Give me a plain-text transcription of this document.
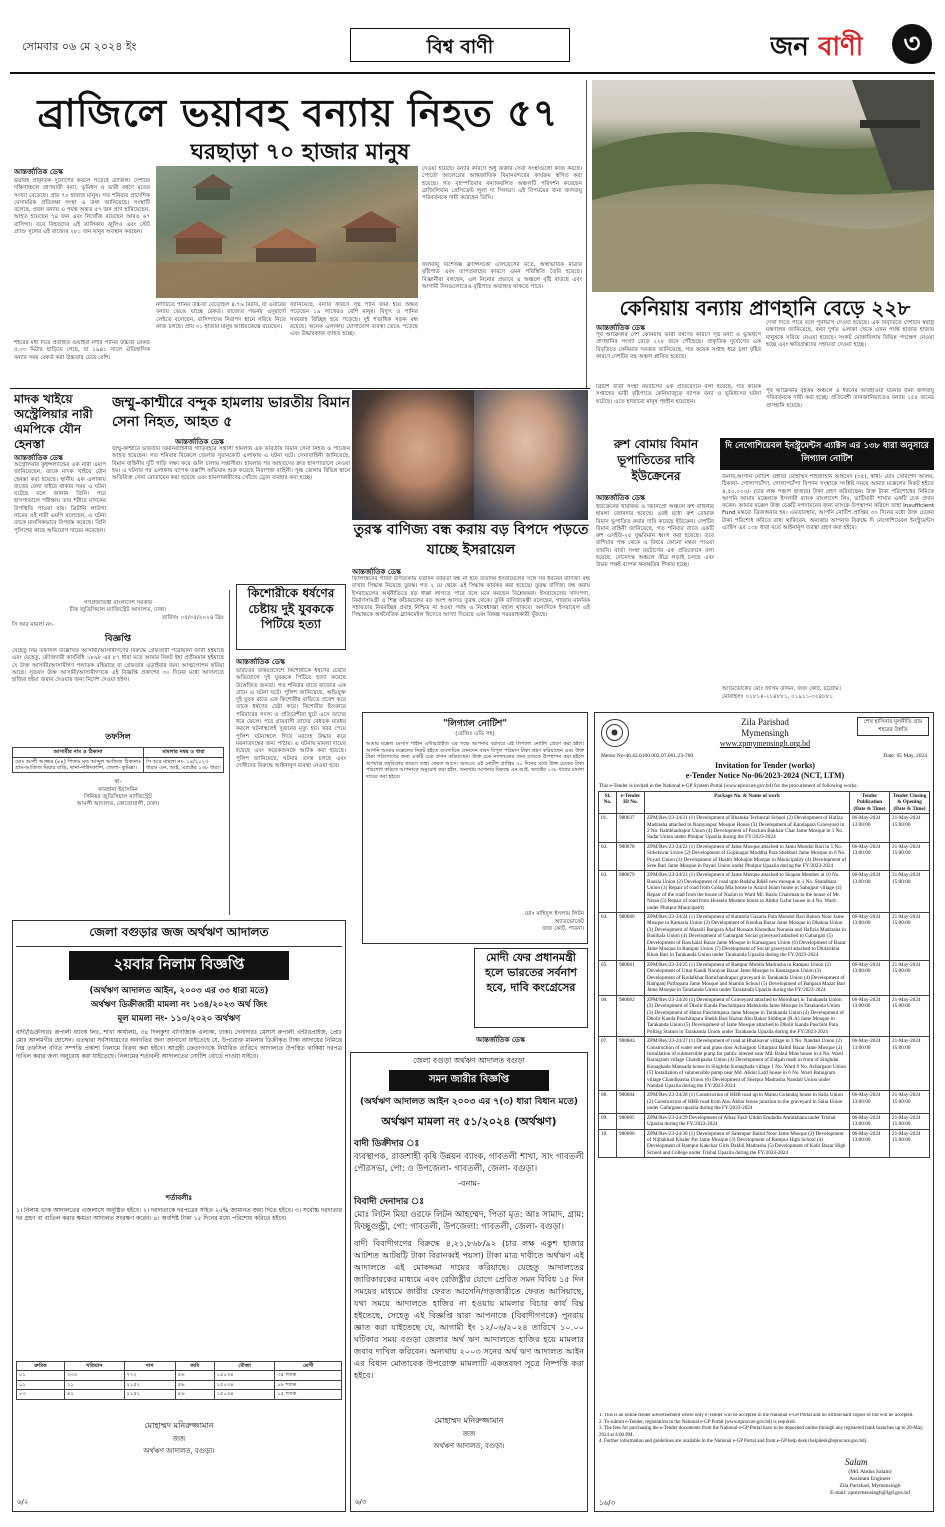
সোমবার ০৬ মে ২০২৪ ইং	বিশ্ব বাণী	জন বাণী	৩
ব্রাজিলে ভয়াবহ বন্যায় নিহত ৫৭
ঘরছাড়া ৭০ হাজার মানুষ
আন্তর্জাতিক ডেস্ক
ভয়াবহ প্রাকৃতিক দুর্যোগের কবলে পড়েছে ব্রাজিল। দেশটির দক্ষিণাঞ্চলে প্রাণঘাতী বন্যা, ভূমিধস ও ভারী বর্ষণে মৃতের সংখ্যা বেড়েছে। প্রায় ৭০ হাজার মানুষ। গত শনিবার প্রাদেশিক বেসামরিক প্রতিরক্ষা সংস্থা এ তথ্য জানিয়েছে। সংস্থাটি বলেছে, প্রবল বন্যায় এ পর্যন্ত অন্তত ৫৭ জন প্রাণ হারিয়েছেন, আহত হয়েছেন ৭৪ জন এবং নিখোঁজ রয়েছেন আরও ৬৭ বাসিন্দা। তবে নিহতদের এই তালিকায় জুলিও এবং স্টেট গ্র্যাণ্ড সুলের এই রাজ্যের ২৮১ জন মানুষ অবস্থান করছেন।
নদীটিতে পানির উচ্চতা বেড়েছিল ৪.৭৬ মিটার, যা এবারের বন্যায় ভেঙে যাচ্ছে রেকর্ড। রাজ্যের গভর্নর এদুয়ার্দো লেইতে বলেছেন, বাসিন্দাদের নিরাপদ স্থানে সরিয়ে নিতে কাজ চলছে। প্রায় ৩১ হাজার মানুষ আশ্রয়কেন্দ্রে রয়েছেন।
জানিয়েছে, বন্যার কারণে সৃষ্ট পানি জমা হয়ে অন্তত পড়েছেন ১৯ লাখেরও বেশি মানুষ। বিদ্যুৎ ও পানির সরবরাহ বিচ্ছিন্ন হয়ে পড়েছে। দুই শতাধিক সড়ক বন্ধ রয়েছে। অনেক এলাকায় যোগাযোগ ব্যবস্থা ভেঙে পড়েছে এবং উদ্ধারকাজ ব্যাহত হচ্ছে।
দেওয়া হয়েছে। বন্যার কারণে শুধু জরুরি সেবা সংস্থাগুলো কাজ করছে। পোর্তো আলেগ্রের আন্তর্জাতিক বিমানবন্দরের কার্যক্রম স্থগিত করা হয়েছে। গত বৃহস্পতিবার বন্যাকবলিত অঞ্চলটি পরিদর্শন করেছেন ব্রাজিলিয়ান প্রেসিডেন্ট লুলা দা সিলভা। এই বিপর্যয়ের জন্য জলবায়ু পরিবর্তনকে দায়ী করেছেন তিনি।
জলবায়ু বিশেষজ্ঞ ফ্রান্সিসকো এলিয়েসের মতে, অস্বাভাবিক মাত্রার বৃষ্টিপাত এবং তাপপ্রবাহের কারণে এমন পরিস্থিতি তৈরি হয়েছে। বিজ্ঞানীরা বলছেন, এল নিনোর প্রভাবে এ অঞ্চলে বৃষ্টি বাড়ছে এবং আগামী দিনগুলোতেও বৃষ্টিপাত অব্যাহত থাকতে পারে।
শহরের মধ্য দিয়ে প্রবাহিত গুয়াইবা নদীর পানির উচ্চতা রেকর্ড ৫.৩৩ মিটার ছাড়িয়ে গেছে, যা ১৯৪১ সালে ঐতিহাসিক বন্যার সময় রেকর্ড করা উচ্চতার চেয়ে বেশি।
কেনিয়ায় বন্যায় প্রাণহানি বেড়ে ২২৮
আন্তর্জাতিক ডেস্ক
পূর্ব আফ্রিকার দেশ কেনিয়ায় ভারী বর্ষণের কারণে সৃষ্ট বন্যা ও ভূমিধসে প্রাণহানির সংখ্যা বেড়ে ২২৮ জনে পৌঁছেছে। প্রাকৃতিক দুর্যোগের এক বিবৃতিতে কেনিয়ার সরকার জানিয়েছে, গত কয়েক সপ্তাহ ধরে চলা বৃষ্টির কারণে দেশটির বহু অঞ্চল প্লাবিত হয়েছে।
ব্রিটিশ বার্তা সংস্থা রয়টার্সের এক প্রতিবেদনে বলা হয়েছে, গত কয়েক সপ্তাহের ভারী বৃষ্টিপাতে কেনিয়াজুড়ে ব্যাপক বন্যা ও ভূমিধসের ঘটনা ঘটেছে। এতে হাজারো মানুষ গৃহহীন হয়েছেন।
দেখা দিতে পারে বলে পূর্বাভাস দেওয়া হয়েছে। এক বিবৃতিতে দেশটির স্বরাষ্ট্র মন্ত্রণালয় জানিয়েছে, বন্যা দুর্গত এলাকা থেকে এখন পর্যন্ত হাজার হাজার মানুষকে সরিয়ে নেওয়া হয়েছে। সংকট মোকাবিলায় বিভিন্ন পদক্ষেপ নেওয়া হচ্ছে এবং ক্ষতিগ্রস্তদের সহায়তা দেওয়া হচ্ছে।
পূর্ব আফ্রিকার বৃহত্তম অঞ্চলে এ ধরনের আবহাওয়া ঘটনার জন্য জলবায়ু পরিবর্তনকে দায়ী করা হচ্ছে। প্রতিবেশী তানজানিয়াতেও বন্যায় ১৫৫ জনের প্রাণহানি হয়েছে।
মাদক খাইয়ে অস্ট্রেলিয়ার নারী এমপিকে যৌন হেনস্তা
আন্তর্জাতিক ডেস্ক
অস্ট্রেলিয়ার কুইন্সল্যান্ডের এক নারী এমপি জানিয়েছেন, তাকে মাদক খাইয়ে যৌন হেনস্তা করা হয়েছে। স্থানীয় এক এলাকায় রাতের বেলা বাইরে থাকার সময় এ ঘটনা ঘটেছে বলে জানান তিনি। পরে হাসপাতালে পরীক্ষায় তার শরীরে মাদকের উপস্থিতি পাওয়া যায়। ব্রিটানি লাউগা নামের ওই নারী এমপি বলেছেন, এ ঘটনা তাকে মানসিকভাবে বিপর্যস্ত করেছে। তিনি পুলিশের কাছে অভিযোগ দায়ের করেছেন।
জম্মু-কাশ্মীরে বন্দুক হামলায় ভারতীয় বিমান সেনা নিহত, আহত ৫
আন্তর্জাতিক ডেস্ক
জম্মু-কাশ্মীরে ভারতীয় বিমানবাহিনীর গাড়িবহরে সন্ত্রাসী হামলায় এক ভারতীয় বিমান সেনা নিহত ও পাঁচজন আহত হয়েছেন। গত শনিবার বিকেলে জেলার সুরানকোট এলাকায় এ ঘটনা ঘটে। সেনাবাহিনী জানিয়েছে, বিমান বাহিনীর দুটি গাড়ি লক্ষ্য করে গুলি চালায় সন্ত্রাসীরা। হামলার পর আহতদের দ্রুত হাসপাতালে নেওয়া হয়। এ ঘটনার পর এলাকায় ব্যাপক তল্লাশি অভিযান শুরু করেছে নিরাপত্তা বাহিনী। পুঞ্চ জেলার বিভিন্ন স্থানে অতিরিক্ত সেনা মোতায়েন করা হয়েছে এবং হামলাকারীদের খোঁজে ড্রোন ব্যবহার করা হচ্ছে।
তুরস্ক বাণিজ্য বন্ধ করায় বড় বিপদে পড়তে যাচ্ছে ইসরায়েল
আন্তর্জাতিক ডেস্ক
ফিলিস্তিনের গাজা উপত্যকায় যতদিন বর্বরতা বন্ধ না হবে ততদিন ইসরায়েলের সঙ্গে সব ধরনের বাণিজ্য বন্ধ রাখার সিদ্ধান্ত নিয়েছে তুরস্ক। গত ২ মে থেকে এই সিদ্ধান্ত কার্যকর করা হয়েছে। তুরস্ক বাণিজ্য বন্ধ করায় ইসরায়েলের অর্থনীতিতে বড় ধাক্কা লাগতে পারে বলে মনে করছেন বিশ্লেষকরা। ইসরায়েলের খাদ্যপণ্য, নির্মাণসামগ্রী ও শিল্প কাঁচামালের বড় অংশ আসত তুরস্ক থেকে। তুর্কি বাণিজ্যমন্ত্রী বলেছেন, গাজায় মানবিক সহায়তার নিরবচ্ছিন্ন প্রবাহ নিশ্চিত না হওয়া পর্যন্ত এ নিষেধাজ্ঞা বহাল থাকবে। অন্যদিকে ইসরায়েল এই সিদ্ধান্তকে অর্থনৈতিক ব্ল্যাকমেইল হিসেবে আখ্যা দিয়েছে এবং বিকল্প সরবরাহকারী খুঁজছে।
রুশ বোমায় বিমান ভূপাতিতের দাবি ইউক্রেনের
আন্তর্জাতিক ডেস্ক
ইউক্রেনের খারকিভ ও জিনিপ্রো অঞ্চলে রুশ বাহিনীর হামলা জোরদার হয়েছে। এরই মধ্যে রুশ বোমারু বিমান ভূপাতিত করার দাবি করেছে ইউক্রেন। দেশটির বিমান বাহিনী জানিয়েছে, গত শনিবার রাতে একটি রুশ এসইউ-২৫ যুদ্ধবিমান ধ্বংস করা হয়েছে। তবে রাশিয়ার পক্ষ থেকে এ বিষয়ে কোনো মন্তব্য পাওয়া যায়নি। বার্তা সংস্থা রয়টার্সের এক প্রতিবেদনে বলা হয়েছে, দোনেৎস্ক অঞ্চলে তীব্র লড়াই চলছে এবং উভয় পক্ষই ব্যাপক ক্ষয়ক্ষতির শিকার হচ্ছে।
দি নেগোশিয়েবল ইনস্ট্রুমেন্টস এ্যাক্টস এর ১৩৮ ধারা অনুসারে লিগ্যাল নোটিশ
জনাব,আপনি নোটিশ গ্রহীতা মোহাম্মদ শাহজাহান আহমেদ (৩৫), স্বামী- মোঃ খোরশেদ আলম, ঠিকানা- গোলাপচাঁন্দা, গোলাপচাঁন্দা বিপণন সংস্থাকে সংশ্লিষ্ট সময়ে আমার মক্কেলের নিকট হইতে ৪,৫০,০০০/- (চার লক্ষ পঞ্চাশ হাজার) টাকা গ্রহণ করিয়াছেন। উক্ত টাকা পরিশোধের নিমিত্তে আপনি আমার মক্কেলকে ইসলামী ব্যাংক বাংলাদেশ লিঃ, ভাটিয়ারী শাখার একটি চেক প্রদান করেন। আমার মক্কেল উক্ত চেকটি নগদায়নের জন্য ব্যাংকে উপস্থাপন করিলে তাহা Insufficient Fund মন্তব্যে ডিজঅনার হয়। এমতাবস্থায়, আপনি নোটিশ প্রাপ্তির ৩০ দিনের মধ্যে উক্ত চেকের টাকা পরিশোধ করিতে বাধ্য থাকিবেন, অন্যথায় আপনার বিরুদ্ধে দি নেগোশিয়েবল ইনস্ট্রুমেন্টস এ্যাক্টস এর ১৩৮ ধারা মতে আইনানুগ ব্যবস্থা গ্রহণ করা হইবে।
অ্যাডভোকেট মোঃ জসিম উদ্দিন, জজ কোর্ট, চট্টগ্রাম।
মোবাইলঃ ০১৮১৪-২১৪৮৮১, ০১৯১১-৩২৪৮৮১
গণপ্রজাতন্ত্রী বাংলাদেশ সরকার
চীফ জুডিসিয়াল ম্যাজিস্ট্রেট আদালত, ঢাকা।
তারিখঃ ০৫/০৫/২০২৪ খ্রিঃ
সি আর মামলা নং-
বিজ্ঞপ্তি
যেহেতু নিম্ন তফসিল উল্লেখিত আসামী/আসামীগণের বিরুদ্ধে গ্রেফতারী পরোয়ানা জারী হইয়াছে এবং যেহেতু, ফৌজদারী কার্যবিধি ১৮৯৮ এর ৮৭ ধারা মতে আমার নিকট ইহা প্রতীয়মান হইয়াছে যে উক্ত আসামী/আসামীগণ পলাতক রহিয়াছে বা গ্রেফতার এড়াইবার জন্য আত্মগোপন করিয়া আছে। সুতরাং উক্ত আসামী/আসামীগণকে এই বিজ্ঞপ্তি প্রকাশের ৩০ দিনের মধ্যে আদালতে হাজির হইয়া জবাব দেওয়ার জন্য নির্দেশ দেওয়া হইল।
তফসিল
আসামীর নাম ও ঠিকানা	মামলার নম্বর ও ধারা
মোঃ আলী আজ্জম (৪৪) পিতাঃ মৃত আব্দুল আজিজ ঠিকানাঃ গ্রাম-আজিজ মিয়ার বাড়ি, থানা-দাউদকান্দি, জেলা- কুমিল্লা।	সি আর মামলা নং- ১৪/২০২৩ ধারাঃ এন, আই, এ্যাক্টের ১৩৮ ধারা।
স্বা-
ফারহানা ইয়াসমিন
সিনিয়র জুডিসিয়াল ম্যাজিস্ট্রেট
আমলী আদালত, কোতোয়ালী, ঢাকা।
কিশোরীকে ধর্ষণের চেষ্টায় দুই যুবককে পিটিয়ে হত্যা
আন্তর্জাতিক ডেস্ক
ভারতের উত্তরপ্রদেশে কিশোরীকে ধর্ষণের চেষ্টার অভিযোগে দুই যুবককে পিটিয়ে হত্যা করেছে উত্তেজিত জনতা। গত শনিবার রাতে রাজ্যের এক গ্রামে এ ঘটনা ঘটে। পুলিশ জানিয়েছে, অভিযুক্ত দুই যুবক রাতে এক কিশোরীর বাড়িতে প্রবেশ করে তাকে ধর্ষণের চেষ্টা করে। কিশোরীর চিৎকারে পরিবারের সদস্য ও প্রতিবেশীরা ছুটে এসে তাদের ধরে ফেলে। পরে গ্রামবাসী তাদের বেধড়ক মারধর করলে ঘটনাস্থলেই দুজনের মৃত্যু হয়। খবর পেয়ে পুলিশ ঘটনাস্থলে গিয়ে মরদেহ উদ্ধার করে ময়নাতদন্তের জন্য পাঠায়। এ ঘটনায় মামলা দায়ের হয়েছে এবং কয়েকজনকে আটক করা হয়েছে। পুলিশ জানিয়েছে, ঘটনার তদন্ত চলছে এবং দোষীদের বিরুদ্ধে আইনানুগ ব্যবস্থা নেওয়া হবে।
"লিগ্যাল নোটিশ"
(রেজিঃ এডি সহ)
আমার মক্কেল মেসার্স শাহীন এন্টারপ্রাইজ এর পক্ষে আপনার বরাবরে এই লিগ্যাল নোটিশ প্রেরণ করা হইল। আপনি আমার মক্কেলের নিকট হইতে ব্যবসায়িক লেনদেন বাবদ বিপুল পরিমাণ টাকা গ্রহণ করিয়াছেন এবং উক্ত টাকা পরিশোধের জন্য একটি চেক প্রদান করিয়াছেন। উক্ত চেক নগদায়নের জন্য ব্যাংকে উপস্থাপন করা হইলে অপর্যাপ্ত তহবিলের কারণে তাহা ফেরত আসে। অতএব এই নোটিশ প্রাপ্তির ৩০ দিনের মধ্যে উক্ত চেকের টাকা পরিশোধ করিতে আপনাকে অনুরোধ করা হইল, অন্যথায় আপনার বিরুদ্ধে এন.আই. অ্যাক্টের ১৩৮ ধারায় মামলা দায়ের করা হইবে।
মোঃ মাহিদুল ইসলাম লিটন
অ্যাডভোকেট
জজ কোর্ট, পাবনা।
জেলা বগুড়ার জজ অর্থঋণ আদালত
২য়বার নিলাম বিজ্ঞপ্তি
(অর্থঋণ আদালত আইন, ২০০৩ এর ৩৩ ধারা মতে)
অর্থঋণ ডিক্রীজারী মামলা নং ১৩৪/২০২৩ অর্থ জিং
মূল মামলা নং- ১১০/২০২০ অর্থঋণ
বাদী/ডিক্রীদারঃ রূপালী ব্যাংক লিঃ, শাখা কার্যালয়, ৩৪ দিলকুশা বাণিজ্যিক এলাকা, ঢাকা। দেনাদারঃ মেসার্স রুপালী এন্টারপ্রাইজ, প্রোঃ মোঃ আলমগীর হোসেন। এতদ্বারা সর্বসাধারণের অবগতির জন্য জানানো যাইতেছে যে, উপরোক্ত মামলার ডিক্রীকৃত টাকা আদায়ের নিমিত্তে নিম্ন তফসিল বর্ণিত সম্পত্তি প্রকাশ্য নিলামে বিক্রয় করা হইবে। আগ্রহী ক্রেতাগণকে নির্ধারিত তারিখে আদালতে উপস্থিত থাকিয়া দরপত্র দাখিল করার জন্য অনুরোধ করা যাইতেছে। নিলামের শর্তাবলী আদালতের নোটিশ বোর্ডে পাওয়া যাইবে।
শর্তাবলীঃ
১। নিলাম ডাক আদালতের এজলাসে অনুষ্ঠিত হইবে। ২। দরদাতাকে দরপত্রের সহিত ২৫% জামানত জমা দিতে হইবে। ৩। সর্বোচ্চ দরদাতার দর গ্রহণ বা বাতিল করার ক্ষমতা আদালত সংরক্ষণ করেন। ৪। অবশিষ্ট টাকা ১৫ দিনের মধ্যে পরিশোধ করিতে হইবে।
ক্রমিক	খতিয়ান	দাগ	জমি	মৌজা	শ্রেণী
০১	৩৩৩	৭৭২	৫৬	১৫০৩৪	৩৫ শতক
০২	২১	২১৫২	৫৬	১৫০৩৪	০৮ শতক
০৩	৪২	২১৫২	৫৬	১৫০৩৪	০৫ শতক
মোহাম্মদ মনিরুজ্জামান
জজ
অর্থঋণ আদালত, বগুড়া।
৬/২
জেলা বগুড়া অর্থঋণ আদালত বগুড়া
সমন জারীর বিজ্ঞপ্তি
(অর্থঋণ আদালত আইন ২০০৩ এর ৭(৩) ধারা বিধান মতে)
অর্থঋণ মামলা নং ৫১/২০২৪ (অর্থঋণ)
বাদী ডিক্রীদার ঃ
ব্যবস্থাপক, রাজশাহী কৃষি উন্নয়ন ব্যাংক, গাবতলী শাখা, সাং গাবতলী পৌরসভা, পো: ও উপজেলা- গাবতলী, জেলা- বগুড়া।
-বনাম-
বিবাদী দেনাদার ঃ
মোঃ লিটন মিয়া ওরফে লিটন আহম্মেদ, পিতা মৃত: আঃ সামাদ, গ্রাম: ফিচ্ছুগুন্ড্রী, পো: গাবতলী, উপজেলা: গাবতলী, জেলা- বগুড়া।
বাদী বিবাদীগণের বিরুদ্ধে ৪,২১,৮৬৮/৯২ (চার লক্ষ একুশ হাজার আটশত আটষট্টি টাকা বিরানব্বই পয়সা) টাকা মাত্র দাবীতে অর্থঋণ এই আদালতে এই মোকদ্দমা দায়ের করিয়াছে। যেহেতু আদালতের জারিকারকের মাধ্যমে এবং রেজিষ্ট্রীর যোগে প্রেরিত সমন বিবিধ ১৫ দিন সময়ের মাধ্যমে জারীর ফেরত আসেনি/গড়জারীতে ফেরত আসিয়াছে, যথা সময়ে আদালতে হাজির না হওয়ায় মামলার বিচার কার্য বিঘ্ন হইতেছে, সেহেতু এই বিজ্ঞপ্তি দ্বারা আপনাকে (বিবাদীগণকে) পুনরায় জ্ঞাত করা যাইতেছে যে, আগামী ইং ১২/০৬/২০২৪ তারিখে ১০.০০ ঘটিকার সময় বগুড়া জেলার অর্থ ঋণ আদালতে হাজির হয়ে মামলার জবাব দাখিল করিবেন। অন্যথায় ২০০৩ সনের অর্থ ঋণ আদালত আইন এর বিধান মোতাবেক উপরোক্ত মামলাটি একতরফা সূত্রে নিষ্পত্তি করা হইবে।
মোহাম্মদ মনিরুজ্জামান
জজ
অর্থঋণ আদালত, বগুড়া।
৬/৩
মোদী ফের প্রধানমন্ত্রী হলে ভারতের সর্বনাশ হবে, দাবি কংগ্রেসের
আন্তর্জাতিক ডেস্ক
Zila Parishad
Mymensingh
www.zpmymensingh.org.bd
শেখ হাসিনার মূলনীতি গ্রাম শহরের উন্নতি
Memo No-46.42.6100.002.07.001.23-760	Date: 05 May, 2024
Invitation for Tender (works)
e-Tender Notice No-06/2023-2024 (NCT, LTM)
This e-Tender is invited in the National e-GP System Portal (www.eprocure.gov.bd) for the procurement of following works:
Sl. No.	e-Tender ID No.	Package No. & Name of work	Tender Publication (Date & Time)	Tender Closing & Opening (Date & Time)
01.	980637	ZPM/Rev/23-24/21 (1) Development of Bhaluka Technical School (2) Development of Hafiza Madrasha attached to Narayanpur Mosque House (3) Development of Kandapara Graveyard in 2 No. Rambhadrapur Union (4) Development of Paschim Bakhair Char Jame Mosque in 1 No. Sadar Union under Phulpur Upazila during the FY/2023-2024	06-May-2024 13:00:00	21-May-2024 15:00:00
02.	980678	ZPM/Rev/23-24/22 (1) Development of Jame Mosque attached to Jamu Mondol Bari in 5 No. Sithelswar Union (2) Development of Gopinagar Moddha Para Shebbari Jame Mosque in 6 No. Poyari Union (3) Development of Hosbir Mohajon Mosque in Municipality (4) Development of Sree Bari Jame Mosque in Payari Union under Phulpur Upazila during the FY/2023-2024	06-May-2024 13:00:00	21-May-2024 15:00:00
03.	980679	ZPM/Rev/23-24/23 (1) Development of Jame Mosque attached to Shapan Member at 10 No. Bausla Union (2) Development of road upto Badsha R&H new mosque in 1 No. Shandhara Union (3) Repair of road from Golap Mia house to Azizul Islam house in Sabujpur village (4) Repair of the road from the house of Nazim to Ward Mr. Bazlu Chairman to the house of Mr. Nisan (5) Repair of road from Hossein Mustere house to Abdur Gafur house in 4 No. Ward under Phulpur Municipality	06-May-2024 13:00:00	21-May-2024 15:00:00
04.	980680	ZPM/Rev/23-24/24 (1) Development of Kamaria Gazaria Para Mondol Bari Baitun Noor Jame Mosque in Kamaria Union (2) Development of Kendua Bazar Jame Mosque in Dhakua Union (3) Development of Mazaili Bangara Allaf Hossain Khondkar Nurania and Hafizia Madrasha in Banihala Union (4) Development of Gabargati Social graveyard attached to Gabargati (5) Development of Raschalal Bazar Jame Mosque in Kamargaon Union (6) Development of Bazar Jame Mosque in Rampur Union (7) Development of Social graveyard attached to Dhitarikha Khan Bari in Tarakanda Union under Tarakanda Upazila during the FY/2023-2024	06-May-2024 13:00:00	21-May-2024 15:00:00
05.	980681	ZPM/Rev/23-24/25 (1) Development of Rampur Mohila Madrasha in Rampur Union (2) Development of Uttar Kandi Narayan Bazar Jame Mosque in Kamargaon Union (3) Development of Kodalkhar Ramchandrapur graveyard in Tarakanda Union (4) Development of Ramganj Purbopara Jame Mosque and Shamin School (5) Development of Banpara Mazar Bari Jame Mosque in Tarakanda Union under Tarakanda Upazila during the FY/2023-2024	06-May-2024 13:00:00	21-May-2024 15:00:00
06.	980682	ZPM/Rev/23-24/26 (1) Development of Graveyard attached to Morolbari in Tarakanda Union (2) Development of Dholir Kanda Paschimpara Mahkloda Jame Mosque in Tarakanda Union (3) Development of Hatua Paschimpara Jame Mosque in Tarakanda Union (4) Development of Dholir Kanda Paschimpara Shekh Bari Hazrat Abu Bakar Siddique (R.A) Jame Mosque in Tarakanda Union (5) Development of Jame Mosque attached to Dholir Kanda Paschim Para Polling Station in Tarakanda Union under Tarakanda Upazila during the FY/2023-2024	06-May-2024 13:00:00	21-May-2024 15:00:00
07.	980683	ZPM/Rev/23-24/27 (1) Development of road at Bhalisavar village in 3 No. Nandail Union (2) Construction of water reef and glass door Achargaon Uttarpara Baitul Bazar Jame Mosque (3) Installation of submersible pump for public interest near Md. Babul Mias house in 4 No. Ward Baraigram village Chandipasha Union (4) Development of Eidgah math in front of Singhdai Konaghada Mannada house in Singhdai Konaghada village 1 No. Ward 9 No. Achargaon Union (5) Installation of submersible pump near Md. Abdul Latif house in 6 No. Ward Baraigram village Chandipasha Union (6) Development of Sherpur Madrasha Nandail Union under Nandail Upazila during the FY/2023-2024	06-May-2024 13:00:00	21-May-2024 15:00:00
08.	980684	ZPM/Rev/23-24/28 (1) Construction of HBB road up to Mainu Golandaj house in Salia Union (2) Construction of HBB road from Abu Akbar house junction to the graveyard in Salia Union under Gafargaon upazila during the FY/2023-2024	06-May-2024 13:00:00	21-May-2024 15:00:00
09.	980685	ZPM/Rev/23-24/29 Development of Alhaz Fazil Uddin Emdadia Aminkhana under Trishal Upazila during the FY/2023-2024	06-May-2024 13:00:00	21-May-2024 15:00:00
10.	980686	ZPM/Rev/23-24/30 (1) Development of Salempur Baitul Noor Jame Mosque (2) Development of Nijbakhail Khaler Par Jame Mosque (3) Development of Rampur High School (4) Development of Rampur Kakchar Girls Dakhil Madrasha (5) Development of Kalir Bazar High School and College under Trishal Upazila during the FY/2023-2024	06-May-2024 13:00:00	21-May-2024 15:00:00
1. This is an online tender advertisement where only e-Tender will be accepted in the National e-GP Portal and no offline/hard copies of bid will be accepted.
2. To submit e-Tender, registration in the National e-GP Portal (www.eprocure.gov.bd) is required.
3. The fees for purchasing the e-Tender documents from the National e-GP Portal have to be deposited online through any registered bank branches up to 20-May, 2024 at 4:00 PM.
4. Further information and guidelines are available in the National e-GP Portal and from e-GP help desk (helpdesk@eprocure.gov.bd).
Salam
(Md. Abdus Salam)
Assistant Engineer
Zila Parishad, Mymensingh
E-mail: zpmymensingh@lgd.gov.bd
১৬/৩
